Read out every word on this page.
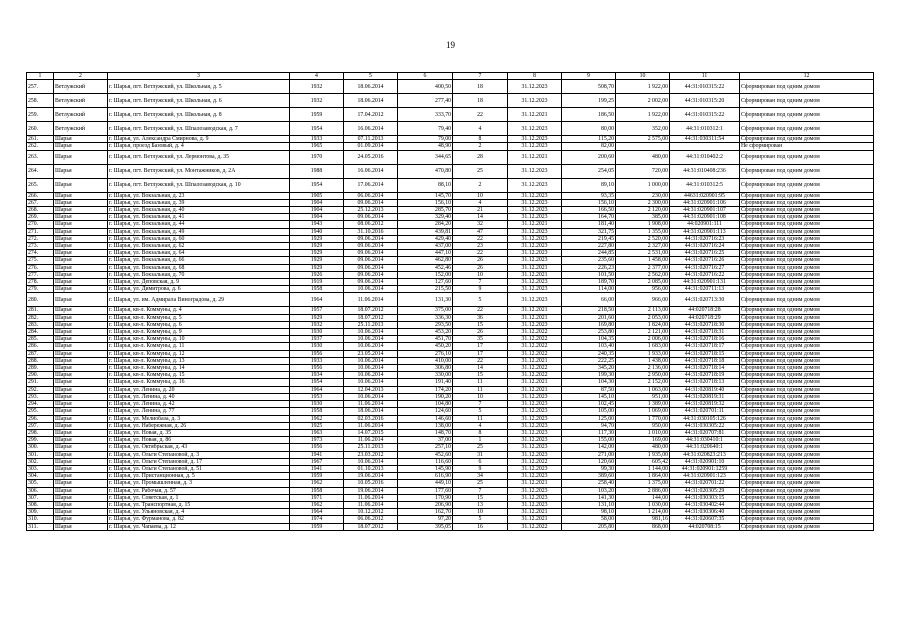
19
1	2	3	4	5	6	7	8	9	10	11	12
257.	Ветлужский	г. Шарья, пгт. Ветлужский, ул. Школьная, д. 5	1932	18.06.2014	400,50	18	31.12.2023	508,70	1 922,00	44:31:010315:22	Сформирован под одним домом
258.	Ветлужский	г. Шарья, пгт. Ветлужский, ул. Школьная, д. 6	1932	18.06.2014	277,40	18	31.12.2023	199,25	2 002,00	44:31:010315:20	Сформирован под одним домом
259.	Ветлужский	г. Шарья, пгт. Ветлужский, ул. Школьная, д. 8	1959	17.04.2012	333,70	22	31.12.2021	186,50	1 922,00	44:31:010315:22	Сформирован под одним домом
260.	Ветлужский	г. Шарья, пгт. Ветлужский, ул. Шпалозаводская, д. 7	1954	16.06.2014	79,40	4	31.12.2023	80,00	352,00	44:31:010312:1	Сформирован под одним домом
261.	Шарья	г. Шарья, ул. Александра Смирнова, д. 9	1933	07.11.2013	79,00	8	31.12.2023	115,20	2 575,00	44:31:030311:54	Сформирован под одним домом
262.	Шарья	г. Шарья, проезд Базовый, д. 4	1965	01.09.2014	48,90	2	31.12.2023	82,00			Не сформирован
263.	Шарья	г. Шарья, пгт. Ветлужский, ул. Лермонтова, д. 35	1970	24.05.2016	344,65	28	31.12.2021	200,60	480,00	44:31:010402:2	Сформирован под одним домом
264.	Шарья	г. Шарья, пгт. Ветлужский, ул. Монтажников, д. 2А	1988	16.06.2014	470,80	25	31.12.2023	254,05	720,00	44:31:010408:236	Сформирован под одним домом
265.	Шарья	г. Шарья, пгт. Ветлужский, ул. Шпалозаводская, д. 10	1954	17.06.2014	88,10	2	31.12.2023	89,10	1 000,00	44:31:010312:5	Сформирован под одним домом
266.	Шарья	г. Шарья, ул. Вокзальная, д. 23	1905	06.06.2014	145,70	10	31.12.2023	93,35	230,00	44631:020901:95	Сформирован под одним домом
267.	Шарья	г. Шарья, ул. Вокзальная, д. 39	1904	09.06.2014	156,10	4	31.12.2023	156,10	2 300,00	44:31:020901:106	Сформирован под одним домом
268.	Шарья	г. Шарья, ул. Вокзальная, д. 40	1904	25.12.2013	285,70	21	31.12.2023	166,50	2 120,00	44:31:020901:107	Сформирован под одним домом
269.	Шарья	г. Шарья, ул. Вокзальная, д. 41	1904	09.06.2014	329,40	14	31.12.2023	164,70	385,00	44:31:020901:108	Сформирован под одним домом
270.	Шарья	г. Шарья, ул. Вокзальная, д. 44	1943	08.06.2012	284,20	32	31.12.2021	181,40	1 908,00	44:020901:111	Сформирован под одним домом
271.	Шарья	г. Шарья, ул. Вокзальная, д. 49	1940	31.10.2016	439,81	47	31.12.2023	321,75	1 355,00	44:31:020901:113	Сформирован под одним домом
272.	Шарья	г. Шарья, ул. Вокзальная, д. 60	1929	09.06.2014	429,40	22	31.12.2023	219,45	2 520,00	44:31:020716:23	Сформирован под одним домом
273.	Шарья	г. Шарья, ул. Вокзальная, д. 62	1929	09.06.2014	437,00	23	31.12.2023	227,80	2 327,00	44:31:020716:24	Сформирован под одним домом
274.	Шарья	г. Шарья, ул. Вокзальная, д. 64	1929	09.06.2014	447,10	22	31.12.2023	244,85	2 531,00	44:31:020716:25	Сформирован под одним домом
275.	Шарья	г. Шарья, ул. Вокзальная, д. 66	1929	09.06.2014	462,80	26	31.12.2023	235,60	1 458,00	44:31:020716:26	Сформирован под одним домом
276.	Шарья	г. Шарья, ул. Вокзальная, д. 68	1929	09.06.2014	452,46	26	31.12.2021	226,23	2 377,00	44:31:020716:27	Сформирован под одним домом
277.	Шарья	г. Шарья, ул. Вокзальная, д. 70	1926	09.06.2014	152,00	10	31.12.2021	101,50	2 562,00	44:31:020716:22	Сформирован под одним домом
278.	Шарья	г. Шарья, ул. Деповская, д. 9	1919	09.06.2014	127,60	7	31.12.2023	189,70	2 085,00	44:31:020901:131	Сформирован под одним домом
279.	Шарья	г. Шарья, ул. Димитрова, д. 6	1958	10.06.2014	215,50	9	31.12.2023	114,00	956,00	44:31:020711:13	Сформирован под одним домом
280.	Шарья	г. Шарья, ул. им. Адмирала Виноградова, д. 29	1964	11.06.2014	131,30	5	31.12.2023	66,00	966,00	44:31:020713:30	Сформирован под одним домом
281.	Шарья	г. Шарья, кв-л. Коммуны, д. 4	1957	18.07.2012	375,00	22	31.12.2021	218,50	2 113,00	44:020718:28	Сформирован под одним домом
282.	Шарья	г. Шарья, кв-л. Коммуны, д. 5	1929	18.07.2012	336,30	36	31.12.2021	201,60	2 053,00	44:020718:29	Сформирован под одним домом
283.	Шарья	г. Шарья, кв-л. Коммуны, д. 6	1932	25.11.2013	293,50	15	31.12.2023	169,80	1 824,00	44:31:020718:30	Сформирован под одним домом
284.	Шарья	г. Шарья, кв-л. Коммуны, д. 9	1930	10.06.2014	453,20	26	31.12.2022	253,80	2 121,00	44:31:020718:31	Сформирован под одним домом
285.	Шарья	г. Шарья, кв-л. Коммуны, д. 10	1937	10.06.2014	451,70	35	31.12.2022	104,35	2 006,00	44:31:020718:16	Сформирован под одним домом
286.	Шарья	г. Шарья, кв-л. Коммуны, д. 11	1930	10.06.2014	450,20	17	31.12.2022	103,40	1 683,00	44:31:020718:17	Сформирован под одним домом
287.	Шарья	г. Шарья, кв-л. Коммуны, д. 12	1956	23.05.2014	276,10	17	31.12.2022	240,35	1 933,00	44:31:020718:15	Сформирован под одним домом
288.	Шарья	г. Шарья, кв-л. Коммуны, д. 13	1933	10.06.2014	410,00	22	31.12.2021	222,25	1 438,00	44:31:020718:18	Сформирован под одним домом
289.	Шарья	г. Шарья, кв-л. Коммуны, д. 14	1956	10.06.2014	306,80	14	31.12.2022	345,20	2 136,00	44:31:020718:14	Сформирован под одним домом
290.	Шарья	г. Шарья, кв-л. Коммуны, д. 15	1934	10.06.2014	330,00	15	31.12.2022	199,30	2 950,00	44:31:020718:19	Сформирован под одним домом
291.	Шарья	г. Шарья, кв-л. Коммуны, д. 16	1954	10.06.2014	191,40	11	31.12.2021	104,30	2 152,00	44:31:020718:13	Сформирован под одним домом
292.	Шарья	г. Шарья, ул. Ленина, д. 20	1964	12.04.2013	174,20	11	31.12.2021	87,50	1 063,00	44:31:020819:40	Сформирован под одним домом
293.	Шарья	г. Шарья, ул. Ленина, д. 40	1953	10.06.2014	190,20	10	31.12.2023	145,10	951,00	44:31:020819:31	Сформирован под одним домом
294.	Шарья	г. Шарья, ул. Ленина, д. 42	1930	11.06.2014	104,80	7	31.12.2023	102,45	1 389,00	44:31:020819:32	Сформирован под одним домом
295.	Шарья	г. Шарья, ул. Ленина, д. 77	1958	18.06.2014	124,60	5	31.12.2023	105,00	1 069,00	44:31:020701:11	Сформирован под одним домом
296.	Шарья	г. Шарья, ул. Мелиобаза, д. 3	1962	02.03.2016	146,60	11	31.12.2023	125,00	1 770,00	44:31:030105:126	Сформирован под одним домом
297.	Шарья	г. Шарья, ул. Набережная, д. 26	1925	11.06.2014	138,00	4	31.12.2023	94,70	950,00	44:31:030305:22	Сформирован под одним домом
298.	Шарья	г. Шарья, ул. Новая, д. 35	1963	14.07.2015	148,70	8	31.12.2023	117,30	1 010,00	44:31:020707:81	Сформирован под одним домом
299.	Шарья	г. Шарья, ул. Новая, д. 86	1973	11.06.2014	37,00	1	31.12.2023	155,00	169,00	44:31:030410:1	Сформирован под одним домом
300.	Шарья	г. Шарья, ул. Октябрьская, д. 43	1956	25.11.2013	257,10	25	31.12.2023	142,00	480,00	44:31:020640:1	Сформирован под одним домом
301.	Шарья	г. Шарья, ул. Ольги Степановой, д. 3	1941	23.03.2012	452,60	31	31.12.2023	271,00	1 935,00	44:31:020823:213	Сформирован под одним домом
302.	Шарья	г. Шарья, ул. Ольги Степановой, д. 17	1967	10.06.2014	116,60	6	31.12.2022	120,60	605,42	44:31:020901:10	Сформирован под одним домом
303.	Шарья	г. Шарья, ул. Ольги Степановой, д. 51	1941	01.10.2013	145,90	9	31.12.2023	99,30	1 144,00	44:31:020901:1259	Сформирован под одним домом
304.	Шарья	г. Шарья, ул. Пристанционная, д. 5	1959	19.06.2014	616,90	34	31.12.2023	389,60	1 864,00	44:31:020901:123	Сформирован под одним домом
305.	Шарья	г. Шарья, ул. Промышленная, д. 3	1962	10.05.2016	449,10	25	31.12.2021	258,40	1 375,00	44:31:020701:22	Сформирован под одним домом
306.	Шарья	г. Шарья, ул. Рабочая, д. 57	1958	19.06.2014	177,60	7	31.12.2023	103,20	2 886,00	44:31:020305:29	Сформирован под одним домом
307.	Шарья	г. Шарья, ул. Советская, д. 1	1971	11.06.2014	170,90	15	31.12.2023	141,30	144,00	44:31:030303:15	Сформирован под одним домом
308.	Шарья	г. Шарья, ул. Транспортная, д. 15	1962	11.06.2014	206,90	13	31.12.2023	131,10	1 030,00	44:31:030402:44	Сформирован под одним домом
309.	Шарья	г. Шарья, ул. Ульяновская, д. 4	1964	10.12.2012	162,70	10	31.12.2021	98,10	1 214,00	44:31:030306:40	Сформирован под одним домом
310.	Шарья	г. Шарья, ул. Фурманова, д. 82	1974	06.06.2012	97,20	5	31.12.2021	58,00	981,16	44:31:020607:35	Сформирован под одним домом
311.	Шарья	г. Шарья, ул. Чапаева, д. 12	1959	18.07.2012	395,05	16	31.12.2022	205,80	868,00	44:020708:15	Сформирован под одним домом
